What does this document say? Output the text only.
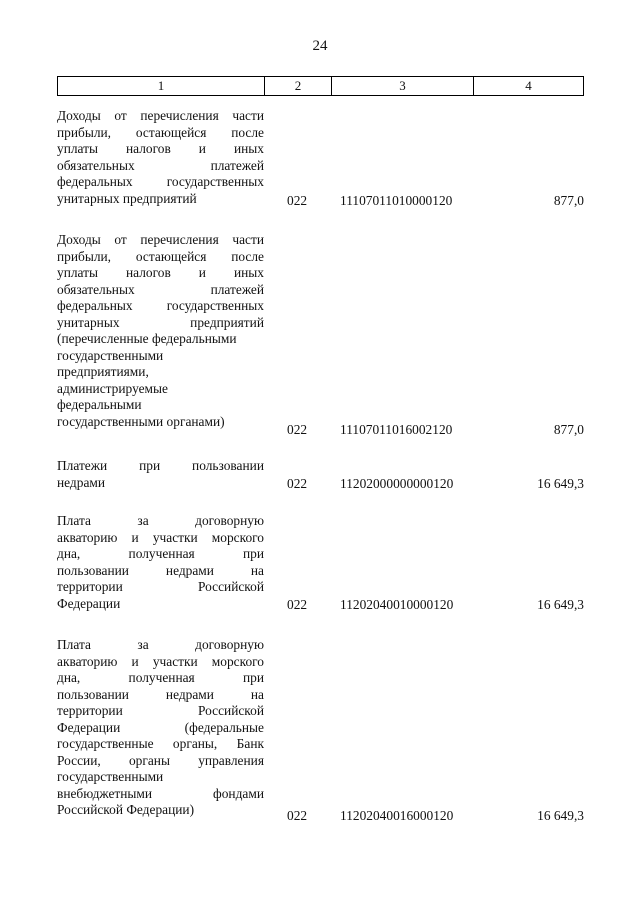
24
1	2	3	4
Доходы от перечисления части
прибыли, остающейся после
уплаты налогов и иных
обязательных платежей
федеральных государственных
унитарных предприятий	022 11107011010000120	877,0
Доходы от перечисления части
прибыли, остающейся после
уплаты налогов и иных
обязательных платежей
федеральных государственных
унитарных предприятий
(перечисленные федеральными
государственными
предприятиями,
администрируемые
федеральными
государственными органами)
022 11107011016002120	877,0
Платежи при пользовании
недрами	022 11202000000000120	16 649,3
Плата за договорную
акваторию и участки морского
дна, полученная при
пользовании недрами на
территории Российской
Федерации	022 11202040010000120	16 649,3
Плата за договорную
акваторию и участки морского
дна, полученная при
пользовании недрами на
территории Российской
Федерации (федеральные
государственные органы, Банк
России, органы управления
государственными
внебюджетными фондами
Российской Федерации)	022 11202040016000120	16 649,3
